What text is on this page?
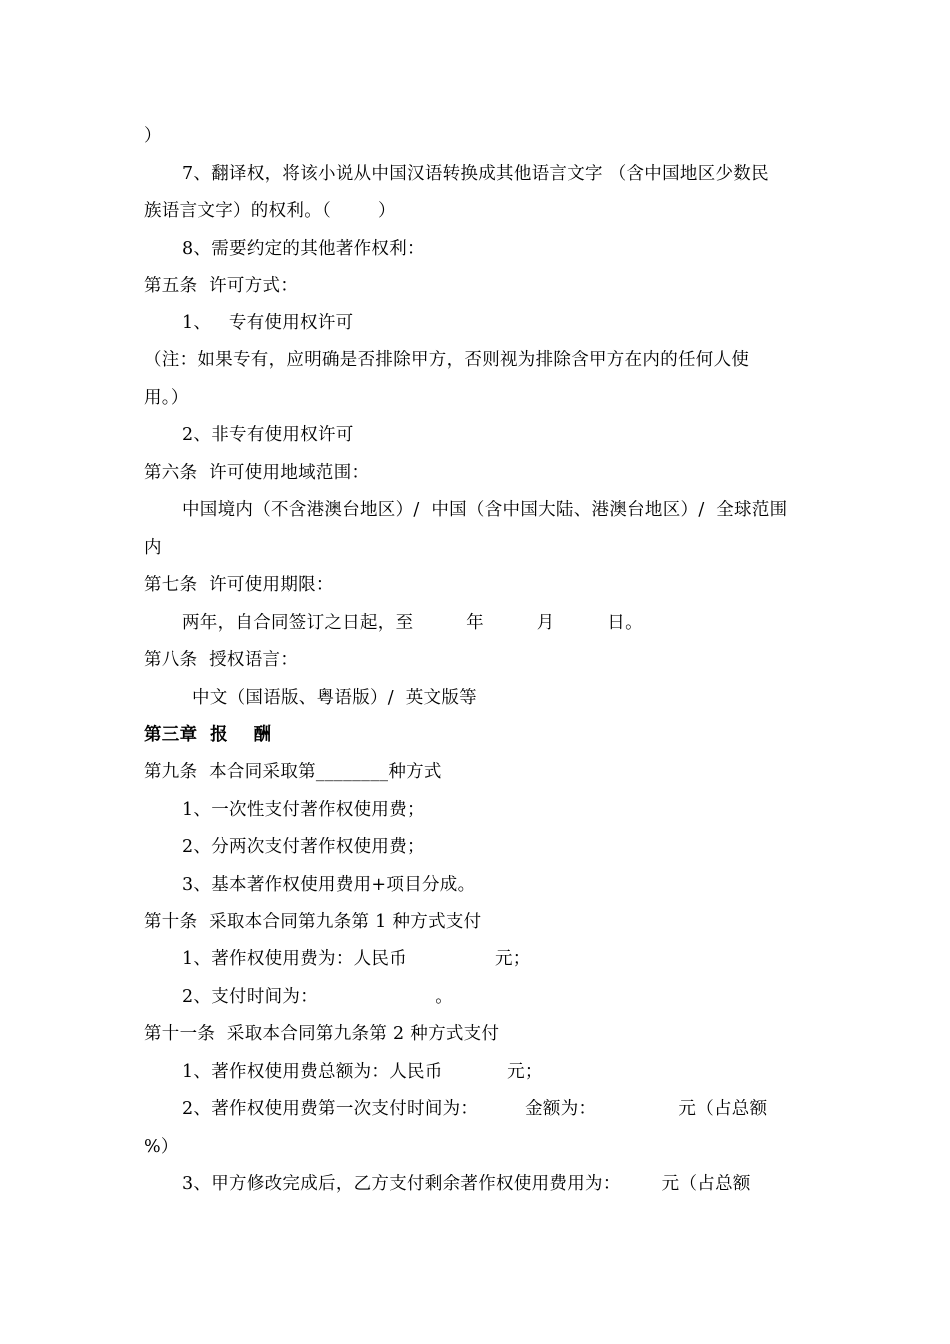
）
7、翻译权，将该小说从中国汉语转换成其他语言文字 （含中国地区少数民
族语言文字）的权利。（        ）
8、需要约定的其他著作权利：
第五条  许可方式：
1、   专有使用权许可
（注：如果专有，应明确是否排除甲方，否则视为排除含甲方在内的任何人使
用。）
2、非专有使用权许可
第六条  许可使用地域范围：
中国境内（不含港澳台地区）/  中国（含中国大陆、港澳台地区）/  全球范围
内
第七条  许可使用期限：
两年，自合同签订之日起，至         年         月         日。
第八条  授权语言：
中文（国语版、粤语版）/  英文版等
第三章  报    酬
第九条  本合同采取第________种方式
1、一次性支付著作权使用费；
2、分两次支付著作权使用费；
3、基本著作权使用费用+项目分成。
第十条  采取本合同第九条第 1 种方式支付
1、著作权使用费为：人民币               元；
2、支付时间为：                    。
第十一条  采取本合同第九条第 2 种方式支付
1、著作权使用费总额为：人民币           元；
2、著作权使用费第一次支付时间为：        金额为：              元（占总额
%）
3、甲方修改完成后，乙方支付剩余著作权使用费用为：       元（占总额
